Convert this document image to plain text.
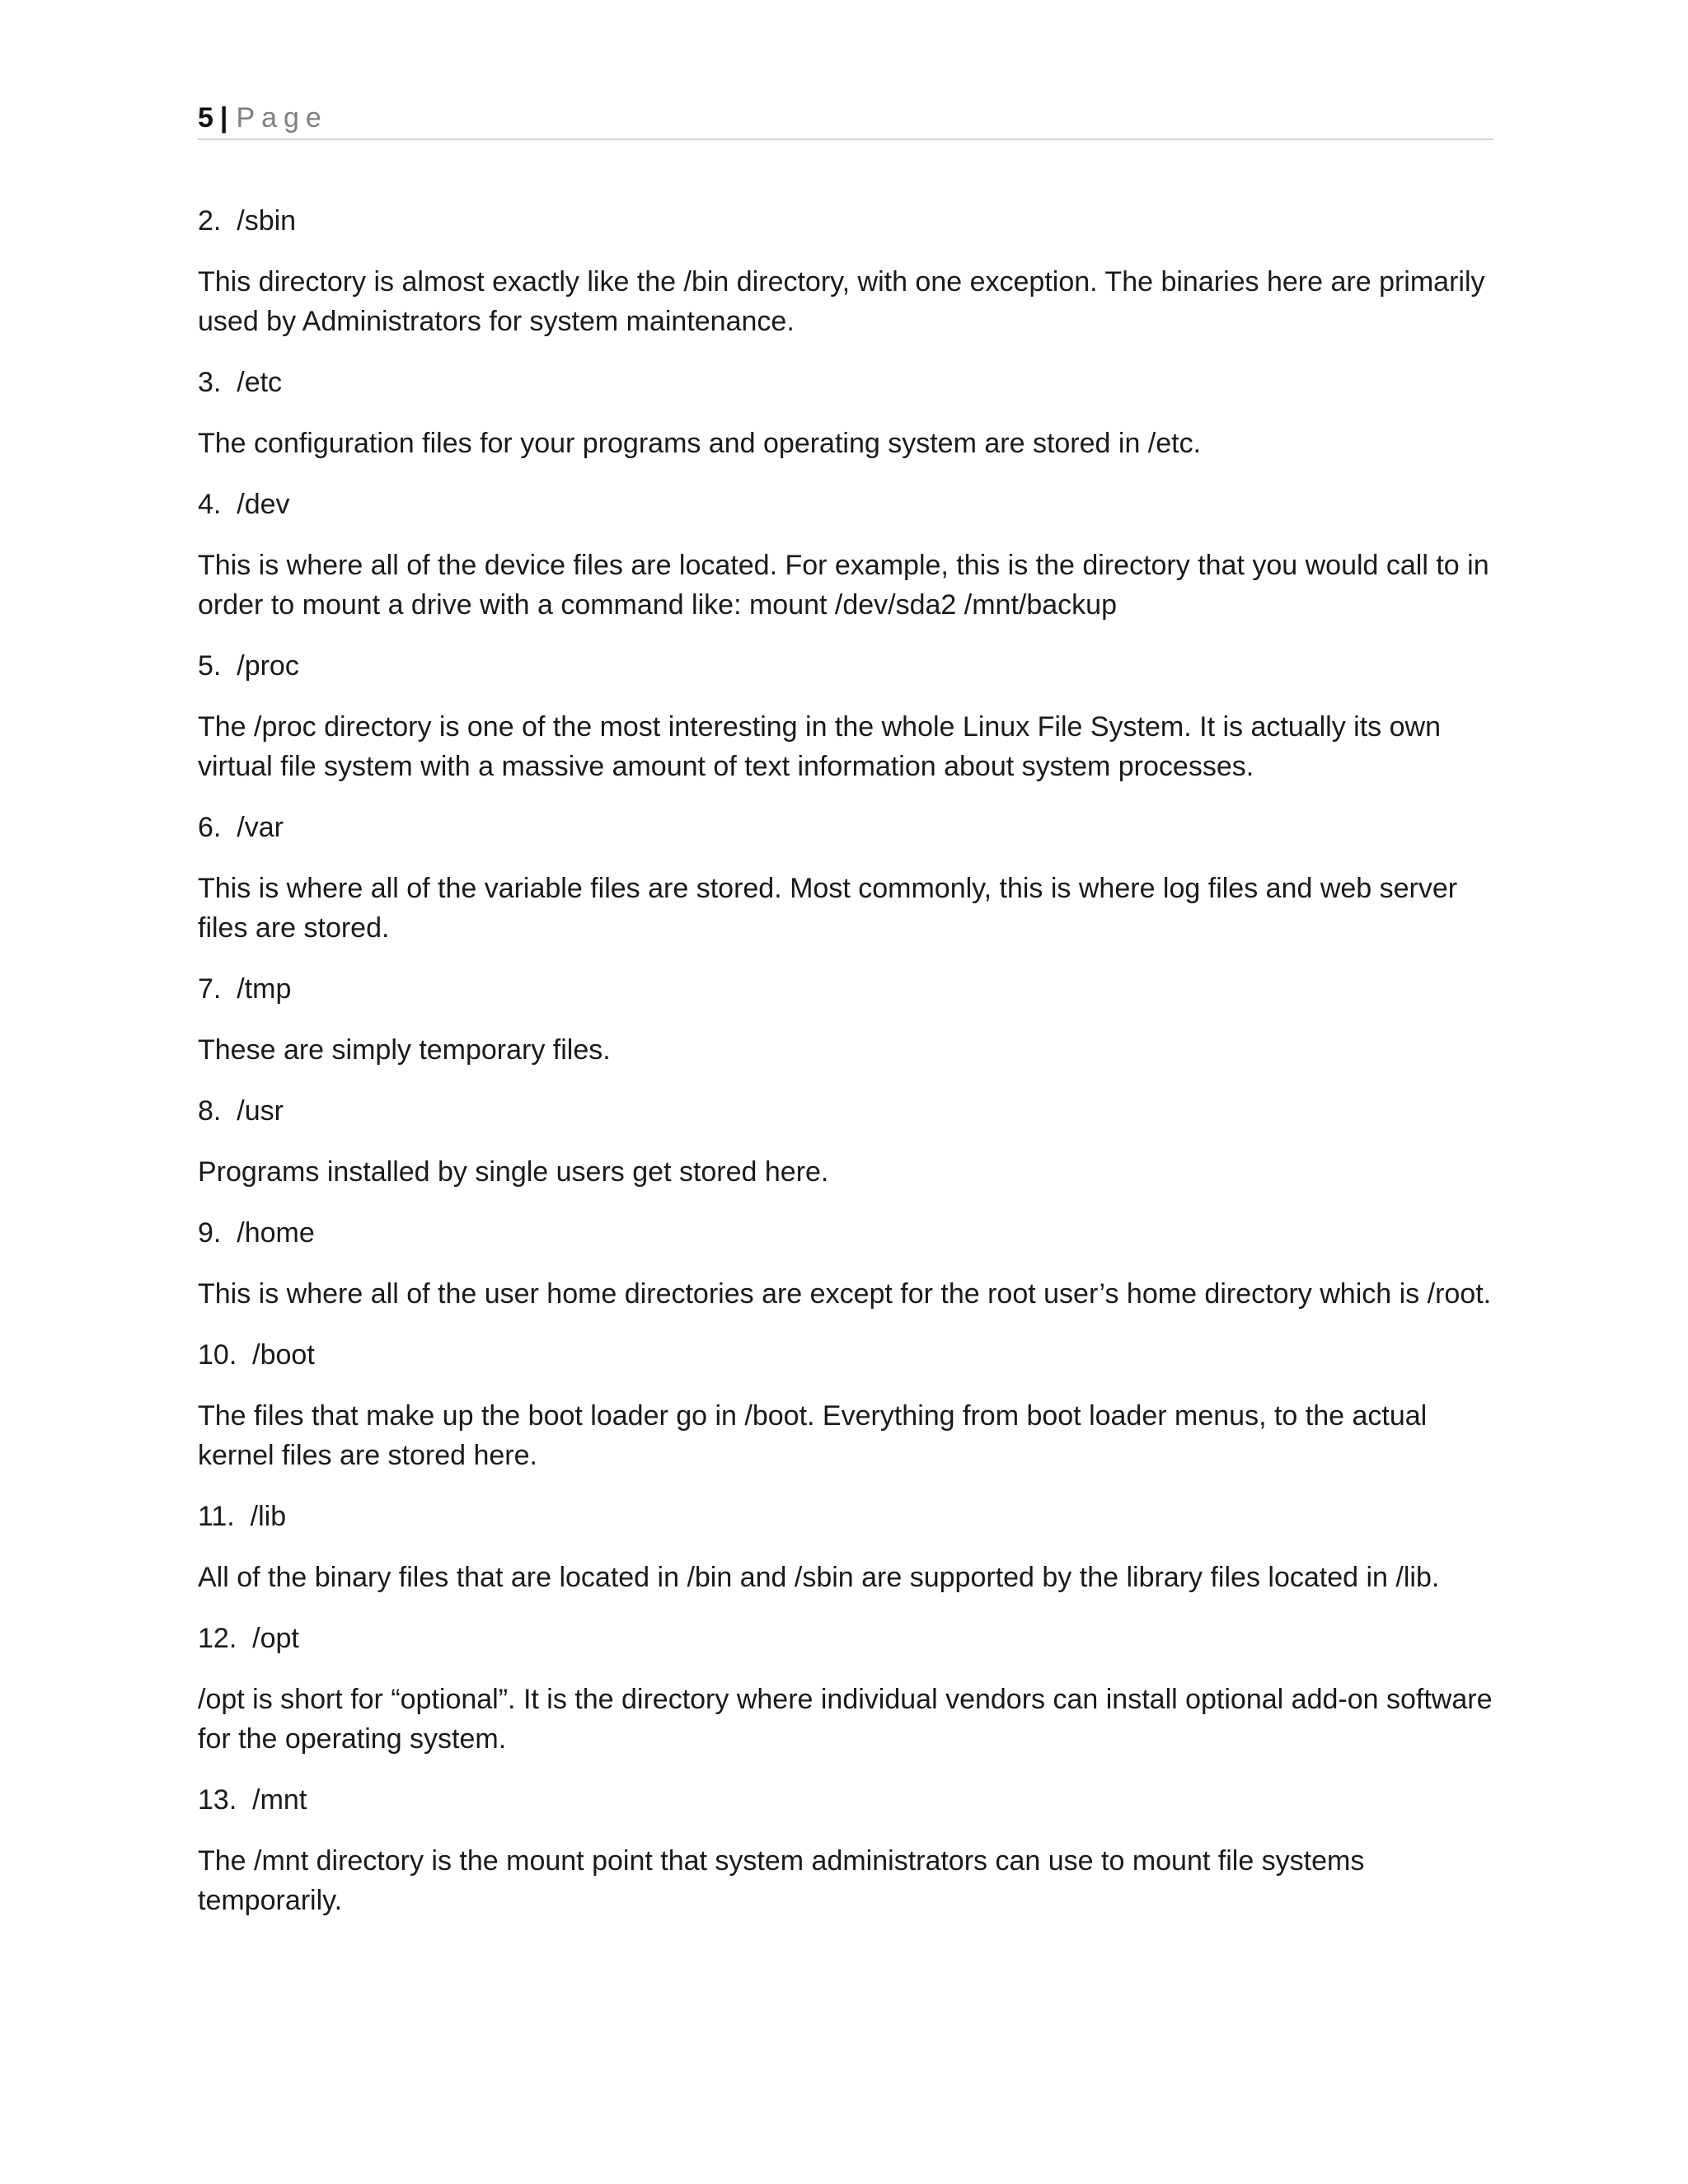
5 | Page

2.  /sbin

This directory is almost exactly like the /bin directory, with one exception. The binaries here are primarily used by Administrators for system maintenance.

3.  /etc

The configuration files for your programs and operating system are stored in /etc.

4.  /dev

This is where all of the device files are located. For example, this is the directory that you would call to in order to mount a drive with a command like: mount /dev/sda2 /mnt/backup

5.  /proc

The /proc directory is one of the most interesting in the whole Linux File System. It is actually its own virtual file system with a massive amount of text information about system processes.

6.  /var

This is where all of the variable files are stored. Most commonly, this is where log files and web server files are stored.

7.  /tmp

These are simply temporary files.

8.  /usr

Programs installed by single users get stored here.

9.  /home

This is where all of the user home directories are except for the root user’s home directory which is /root.

10.  /boot

The files that make up the boot loader go in /boot. Everything from boot loader menus, to the actual kernel files are stored here.

11.  /lib

All of the binary files that are located in /bin and /sbin are supported by the library files located in /lib.

12.  /opt

/opt is short for “optional”. It is the directory where individual vendors can install optional add-on software for the operating system.

13.  /mnt

The /mnt directory is the mount point that system administrators can use to mount file systems temporarily.
